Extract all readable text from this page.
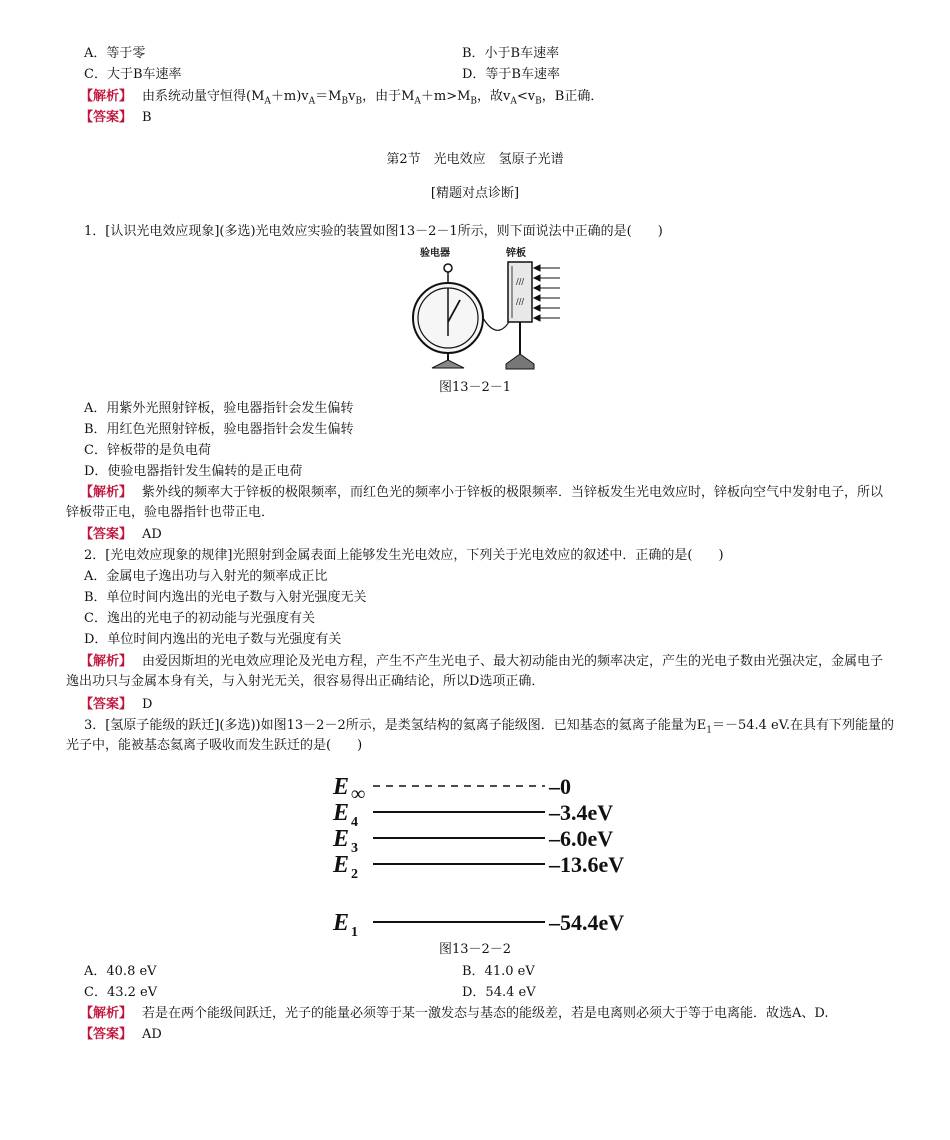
A．等于零	B．小于B车速率
C．大于B车速率	D．等于B车速率
【解析】 由系统动量守恒得$(M_A+m)v_A=M_Bv_B$，由于$M_A+m>M_B$，故$v_A<v_B$，B正确．
【答案】 B
第2节　光电效应　氢原子光谱
[精题对点诊断]
1．[认识光电效应现象](多选)光电效应实验的装置如图13－2－1所示，则下面说法中正确的是(　　)
验电器	锌板
///
///
图13－2－1
A．用紫外光照射锌板，验电器指针会发生偏转
B．用红色光照射锌板，验电器指针会发生偏转
C．锌板带的是负电荷
D．使验电器指针发生偏转的是正电荷
【解析】 紫外线的频率大于锌板的极限频率，而红色光的频率小于锌板的极限频率．当锌板发生光电效应时，锌板向空气中发射电子，所以锌板带正电，验电器指针也带正电．
【答案】 AD
2．[光电效应现象的规律]光照射到金属表面上能够发生光电效应，下列关于光电效应的叙述中．正确的是(　　)
A．金属电子逸出功与入射光的频率成正比
B．单位时间内逸出的光电子数与入射光强度无关
C．逸出的光电子的初动能与光强度有关
D．单位时间内逸出的光电子数与光强度有关
【解析】 由爱因斯坦的光电效应理论及光电方程，产生不产生光电子、最大初动能由光的频率决定，产生的光电子数由光强决定，金属电子逸出功只与金属本身有关，与入射光无关，很容易得出正确结论，所以D选项正确．
【答案】 D
3．[氢原子能级的跃迁](多选))如图13－2－2所示，是类氢结构的氦离子能级图．已知基态的氦离子能量为$E_1=-54.4$ eV.在具有下列能量的光子中，能被基态氦离子吸收而发生跃迁的是(　　)
E ∞	–0
E 4	–3.4eV
E 3	–6.0eV
E 2	–13.6eV
E 1	–54.4eV
图13－2－2
A．40.8 eV	B．41.0 eV
C．43.2 eV	D．54.4 eV
【解析】 若是在两个能级间跃迁，光子的能量必须等于某一激发态与基态的能级差，若是电离则必须大于等于电离能．故选A、D.
【答案】 AD
